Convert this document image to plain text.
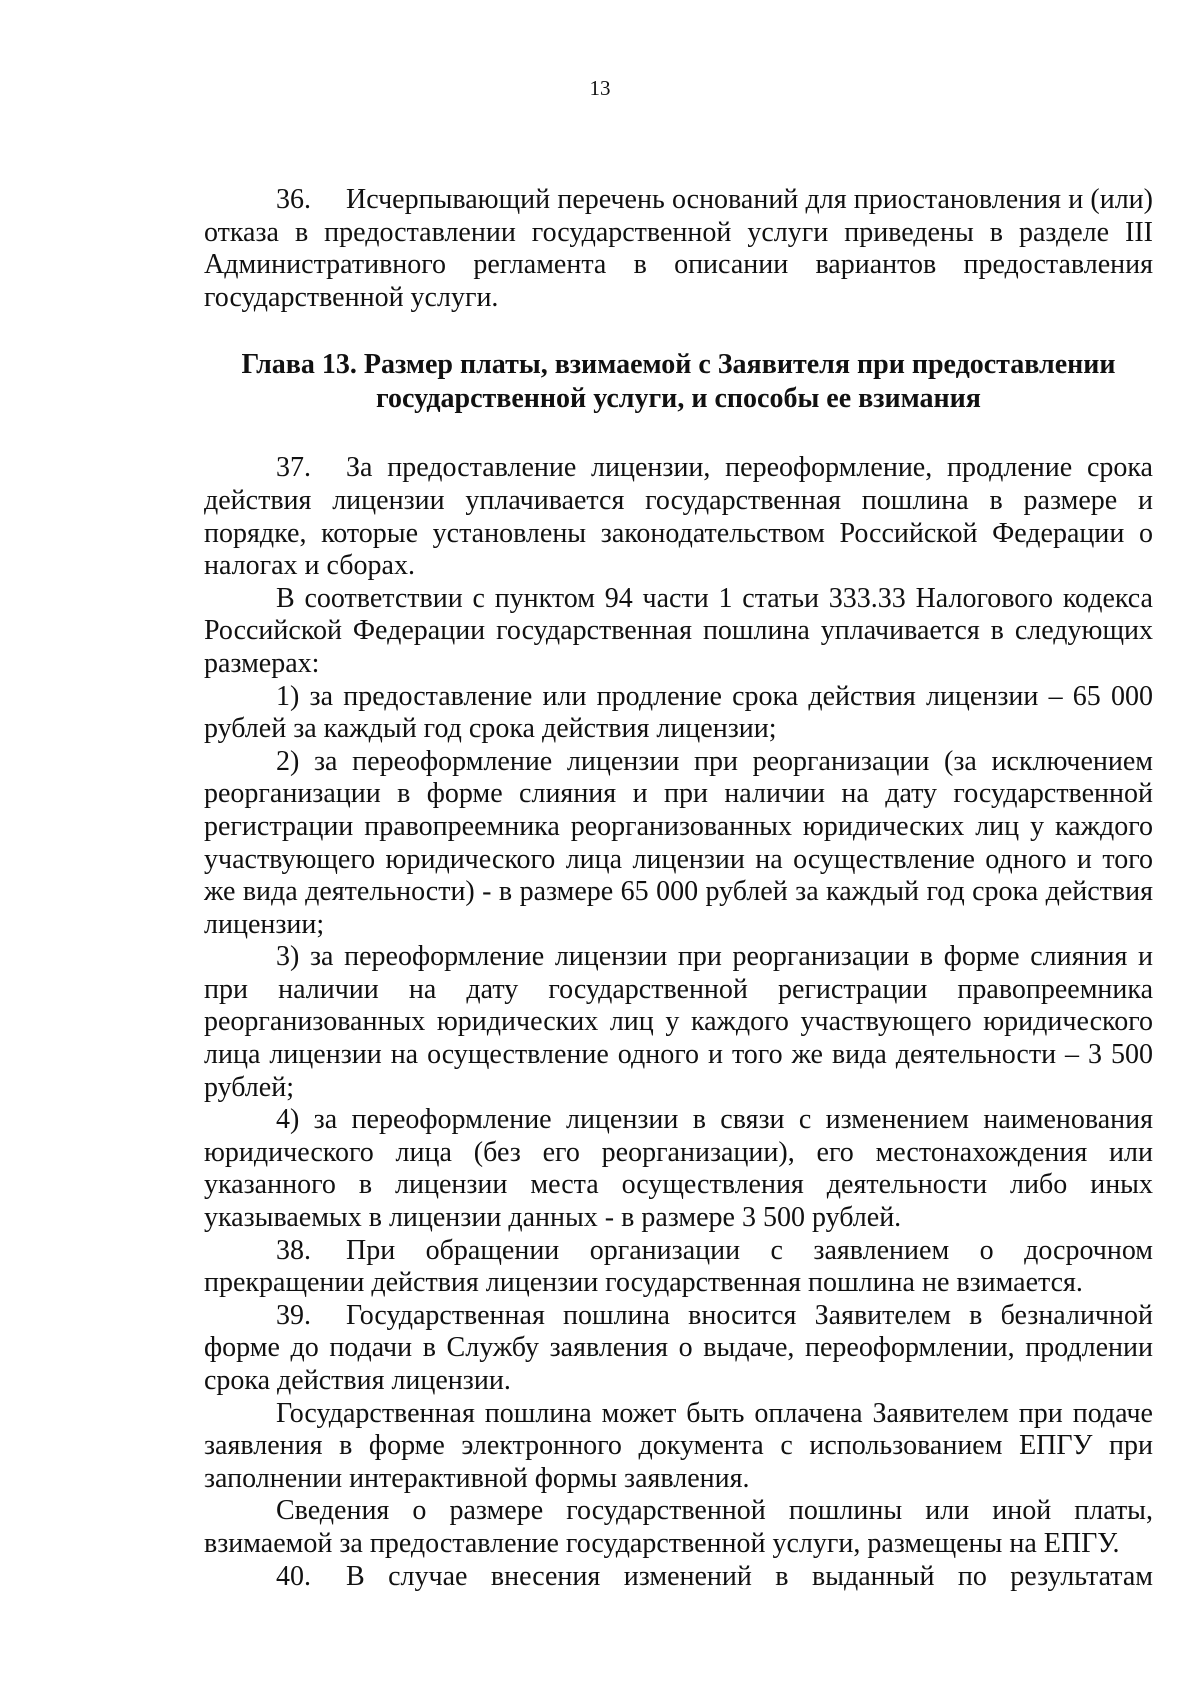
13

36. Исчерпывающий перечень оснований для приостановления и (или) отказа в предоставлении государственной услуги приведены в разделе III Административного регламента в описании вариантов предоставления государственной услуги.

Глава 13. Размер платы, взимаемой с Заявителя при предоставлении
государственной услуги, и способы ее взимания

37. За предоставление лицензии, переоформление, продление срока действия лицензии уплачивается государственная пошлина в размере и порядке, которые установлены законодательством Российской Федерации о налогах и сборах.

В соответствии с пунктом 94 части 1 статьи 333.33 Налогового кодекса Российской Федерации государственная пошлина уплачивается в следующих размерах:

1) за предоставление или продление срока действия лицензии – 65 000 рублей за каждый год срока действия лицензии;

2) за переоформление лицензии при реорганизации (за исключением реорганизации в форме слияния и при наличии на дату государственной регистрации правопреемника реорганизованных юридических лиц у каждого участвующего юридического лица лицензии на осуществление одного и того же вида деятельности) - в размере 65 000 рублей за каждый год срока действия лицензии;

3) за переоформление лицензии при реорганизации в форме слияния и при наличии на дату государственной регистрации правопреемника реорганизованных юридических лиц у каждого участвующего юридического лица лицензии на осуществление одного и того же вида деятельности – 3 500 рублей;

4) за переоформление лицензии в связи с изменением наименования юридического лица (без его реорганизации), его местонахождения или указанного в лицензии места осуществления деятельности либо иных указываемых в лицензии данных - в размере 3 500 рублей.

38. При обращении организации с заявлением о досрочном прекращении действия лицензии государственная пошлина не взимается.

39. Государственная пошлина вносится Заявителем в безналичной форме до подачи в Службу заявления о выдаче, переоформлении, продлении срока действия лицензии.

Государственная пошлина может быть оплачена Заявителем при подаче заявления в форме электронного документа с использованием ЕПГУ при заполнении интерактивной формы заявления.

Сведения о размере государственной пошлины или иной платы, взимаемой за предоставление государственной услуги, размещены на ЕПГУ.

40. В случае внесения изменений в выданный по результатам
